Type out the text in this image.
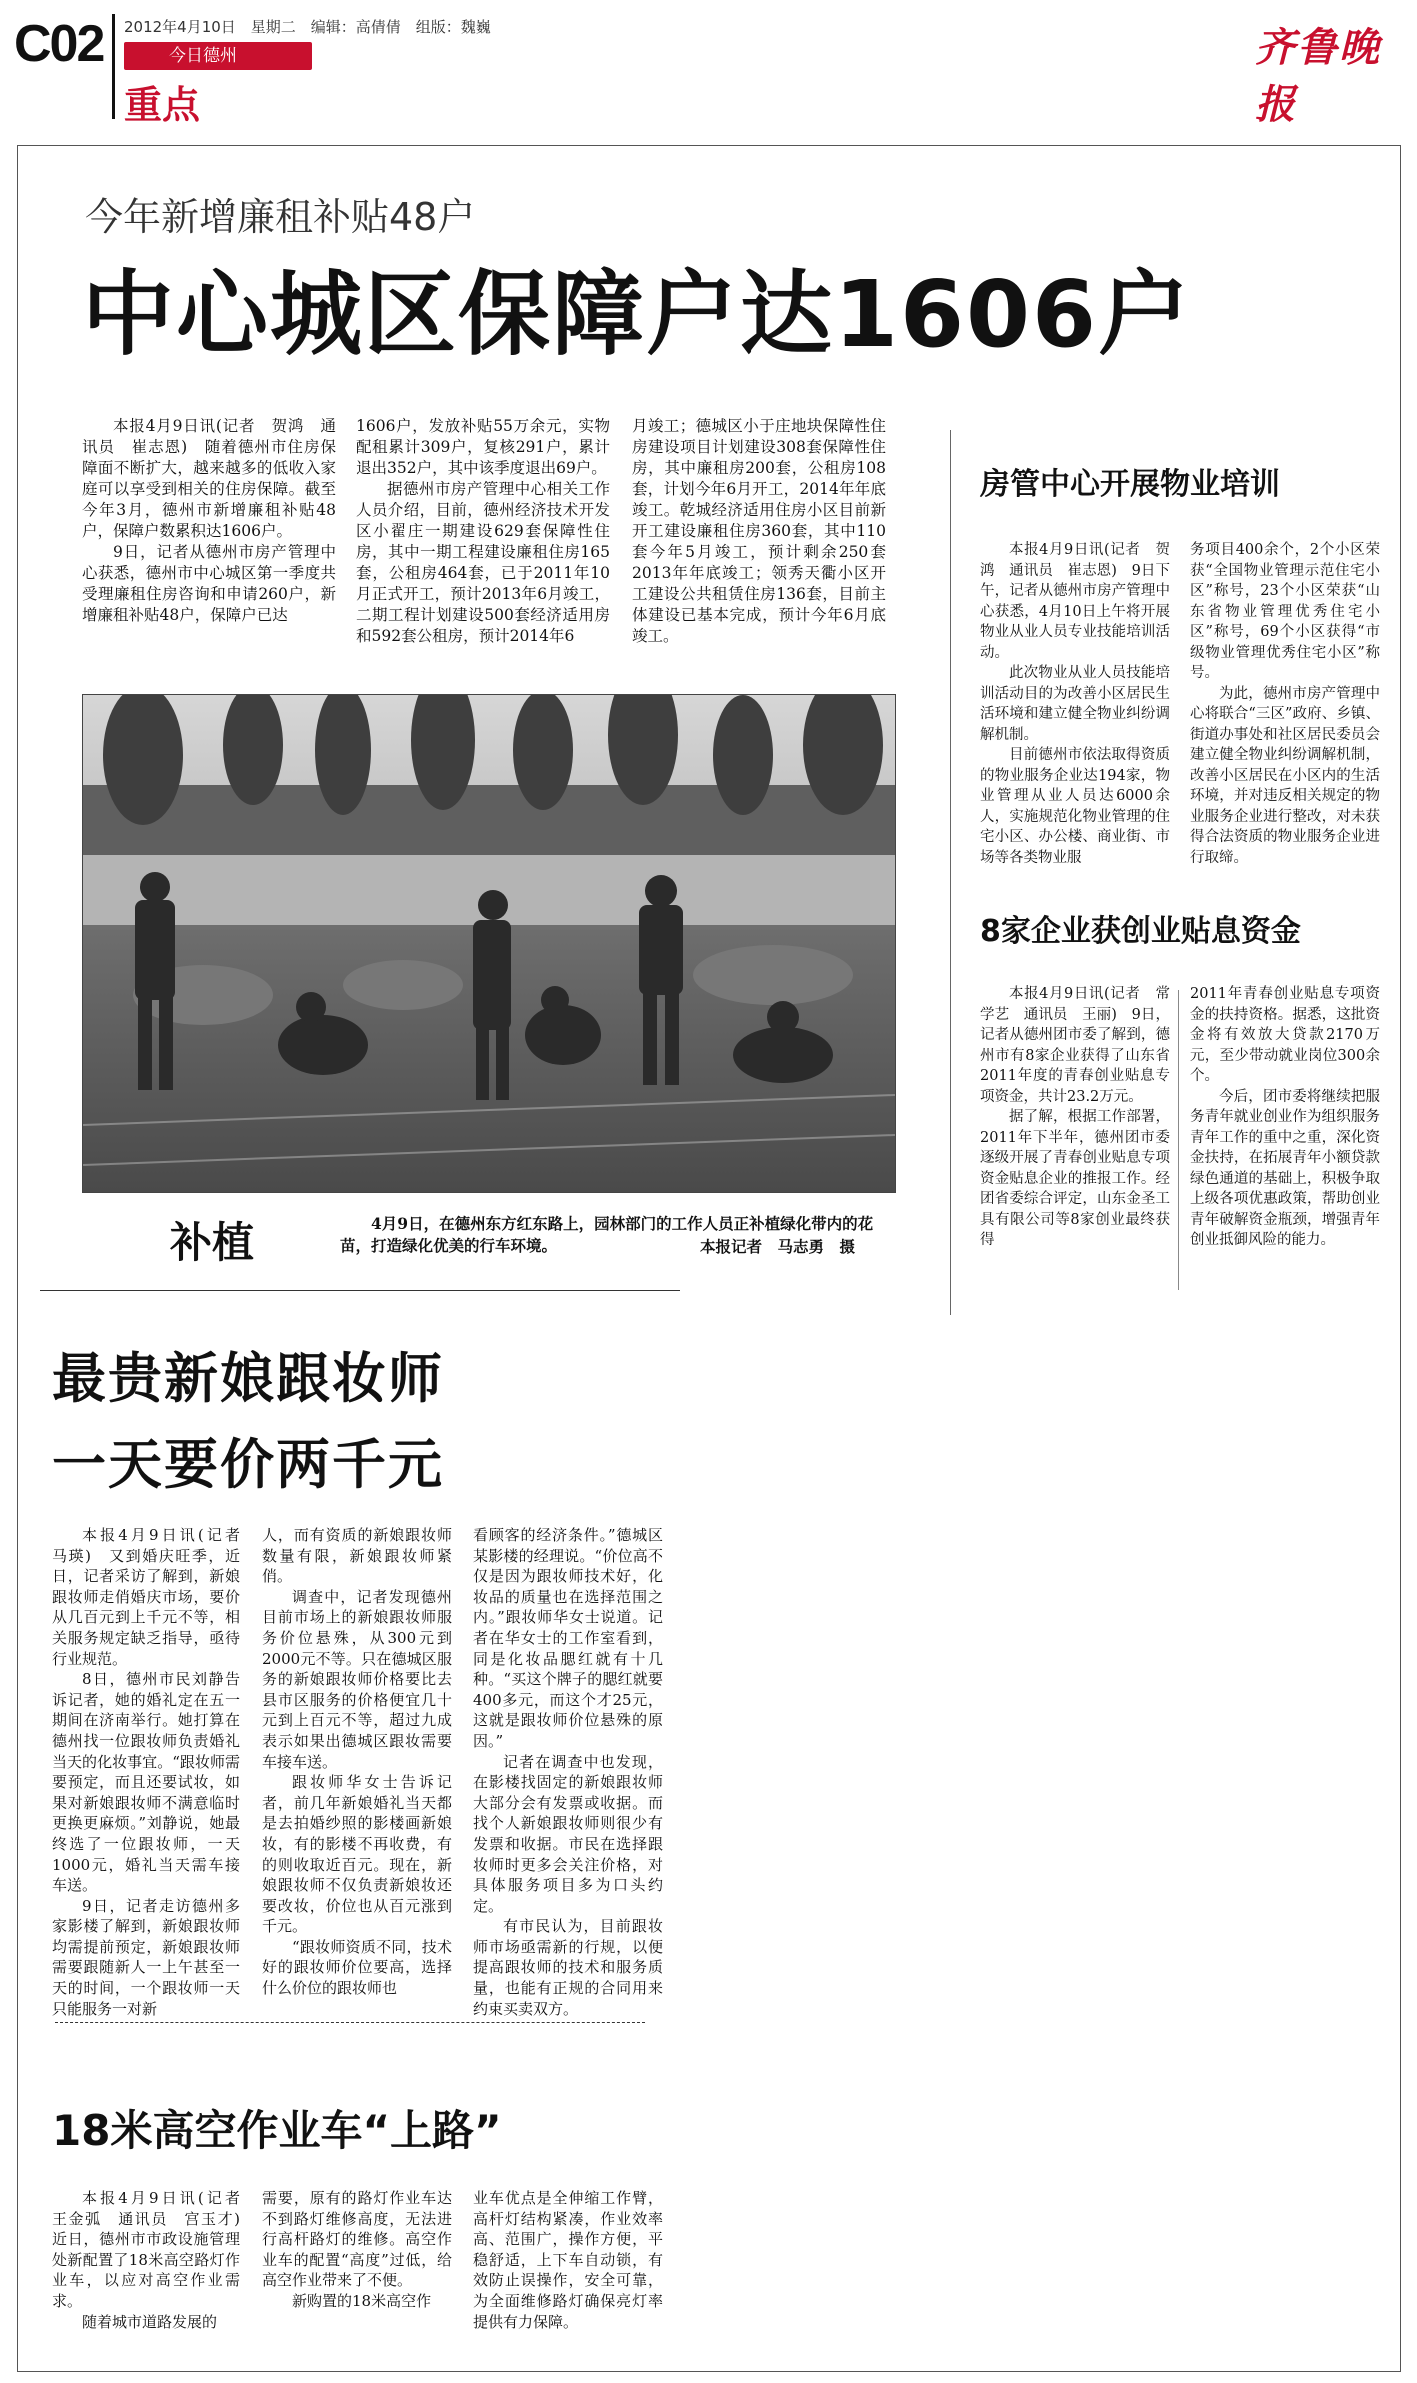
C02 2012年4月10日　星期二　编辑：高倩倩　组版：魏巍
今日德州
重点
齐鲁晚报
今年新增廉租补贴48户
中心城区保障户达1606户

本报4月9日讯(记者　贺鸿　通讯员　崔志恩)　随着德州市住房保障面不断扩大，越来越多的低收入家庭可以享受到相关的住房保障。截至今年3月，德州市新增廉租补贴48户，保障户数累积达1606户。

9日，记者从德州市房产管理中心获悉，德州市中心城区第一季度共受理廉租住房咨询和申请260户，新增廉租补贴48户，保障户已达

1606户，发放补贴55万余元，实物配租累计309户，复核291户，累计退出352户，其中该季度退出69户。

据德州市房产管理中心相关工作人员介绍，目前，德州经济技术开发区小翟庄一期建设629套保障性住房，其中一期工程建设廉租住房165套，公租房464套，已于2011年10月正式开工，预计2013年6月竣工，二期工程计划建设500套经济适用房和592套公租房，预计2014年6

月竣工；德城区小于庄地块保障性住房建设项目计划建设308套保障性住房，其中廉租房200套，公租房108套，计划今年6月开工，2014年年底竣工。乾城经济适用住房小区目前新开工建设廉租住房360套，其中110套今年5月竣工，预计剩余250套2013年年底竣工；领秀天衢小区开工建设公共租赁住房136套，目前主体建设已基本完成，预计今年6月底竣工。

补植	4月9日，在德州东方红东路上，园林部门的工作人员正补植绿化带内的花苗，打造绿化优美的行车环境。	本报记者　马志勇　摄
房管中心开展物业培训

本报4月9日讯(记者　贺鸿　通讯员　崔志恩)　9日下午，记者从德州市房产管理中心获悉，4月10日上午将开展物业从业人员专业技能培训活动。

此次物业从业人员技能培训活动目的为改善小区居民生活环境和建立健全物业纠纷调解机制。

目前德州市依法取得资质的物业服务企业达194家，物业管理从业人员达6000余人，实施规范化物业管理的住宅小区、办公楼、商业街、市场等各类物业服

务项目400余个，2个小区荣获“全国物业管理示范住宅小区”称号，23个小区荣获“山东省物业管理优秀住宅小区”称号，69个小区获得“市级物业管理优秀住宅小区”称号。

为此，德州市房产管理中心将联合“三区”政府、乡镇、街道办事处和社区居民委员会建立健全物业纠纷调解机制，改善小区居民在小区内的生活环境，并对违反相关规定的物业服务企业进行整改，对未获得合法资质的物业服务企业进行取缔。

8家企业获创业贴息资金

本报4月9日讯(记者　常学艺　通讯员　王丽)　9日，记者从德州团市委了解到，德州市有8家企业获得了山东省2011年度的青春创业贴息专项资金，共计23.2万元。

据了解，根据工作部署，2011年下半年，德州团市委逐级开展了青春创业贴息专项资金贴息企业的推报工作。经团省委综合评定，山东金圣工具有限公司等8家创业最终获得

2011年青春创业贴息专项资金的扶持资格。据悉，这批资金将有效放大贷款2170万元，至少带动就业岗位300余个。

今后，团市委将继续把服务青年就业创业作为组织服务青年工作的重中之重，深化资金扶持，在拓展青年小额贷款绿色通道的基础上，积极争取上级各项优惠政策，帮助创业青年破解资金瓶颈，增强青年创业抵御风险的能力。

最贵新娘跟妆师
一天要价两千元

本报4月9日讯(记者　马瑛)　又到婚庆旺季，近日，记者采访了解到，新娘跟妆师走俏婚庆市场，要价从几百元到上千元不等，相关服务规定缺乏指导，亟待行业规范。

8日，德州市民刘静告诉记者，她的婚礼定在五一期间在济南举行。她打算在德州找一位跟妆师负责婚礼当天的化妆事宜。“跟妆师需要预定，而且还要试妆，如果对新娘跟妆师不满意临时更换更麻烦。”刘静说，她最终选了一位跟妆师，一天1000元，婚礼当天需车接车送。

9日，记者走访德州多家影楼了解到，新娘跟妆师均需提前预定，新娘跟妆师需要跟随新人一上午甚至一天的时间，一个跟妆师一天只能服务一对新

人，而有资质的新娘跟妆师数量有限，新娘跟妆师紧俏。

调查中，记者发现德州目前市场上的新娘跟妆师服务价位悬殊，从300元到2000元不等。只在德城区服务的新娘跟妆师价格要比去县市区服务的价格便宜几十元到上百元不等，超过九成表示如果出德城区跟妆需要车接车送。

跟妆师华女士告诉记者，前几年新娘婚礼当天都是去拍婚纱照的影楼画新娘妆，有的影楼不再收费，有的则收取近百元。现在，新娘跟妆师不仅负责新娘妆还要改妆，价位也从百元涨到千元。

“跟妆师资质不同，技术好的跟妆师价位要高，选择什么价位的跟妆师也

看顾客的经济条件。”德城区某影楼的经理说。“价位高不仅是因为跟妆师技术好，化妆品的质量也在选择范围之内。”跟妆师华女士说道。记者在华女士的工作室看到，同是化妆品腮红就有十几种。“买这个牌子的腮红就要400多元，而这个才25元，这就是跟妆师价位悬殊的原因。”

记者在调查中也发现，在影楼找固定的新娘跟妆师大部分会有发票或收据。而找个人新娘跟妆师则很少有发票和收据。市民在选择跟妆师时更多会关注价格，对具体服务项目多为口头约定。

有市民认为，目前跟妆师市场亟需新的行规，以便提高跟妆师的技术和服务质量，也能有正规的合同用来约束买卖双方。

18米高空作业车“上路”

本报4月9日讯(记者　王金弧　通讯员　宫玉才)　近日，德州市市政设施管理处新配置了18米高空路灯作业车，以应对高空作业需求。

随着城市道路发展的

需要，原有的路灯作业车达不到路灯维修高度，无法进行高杆路灯的维修。高空作业车的配置“高度”过低，给高空作业带来了不便。

新购置的18米高空作

业车优点是全伸缩工作臂，高杆灯结构紧凑，作业效率高、范围广，操作方便，平稳舒适，上下车自动锁，有效防止误操作，安全可靠，为全面维修路灯确保亮灯率提供有力保障。
